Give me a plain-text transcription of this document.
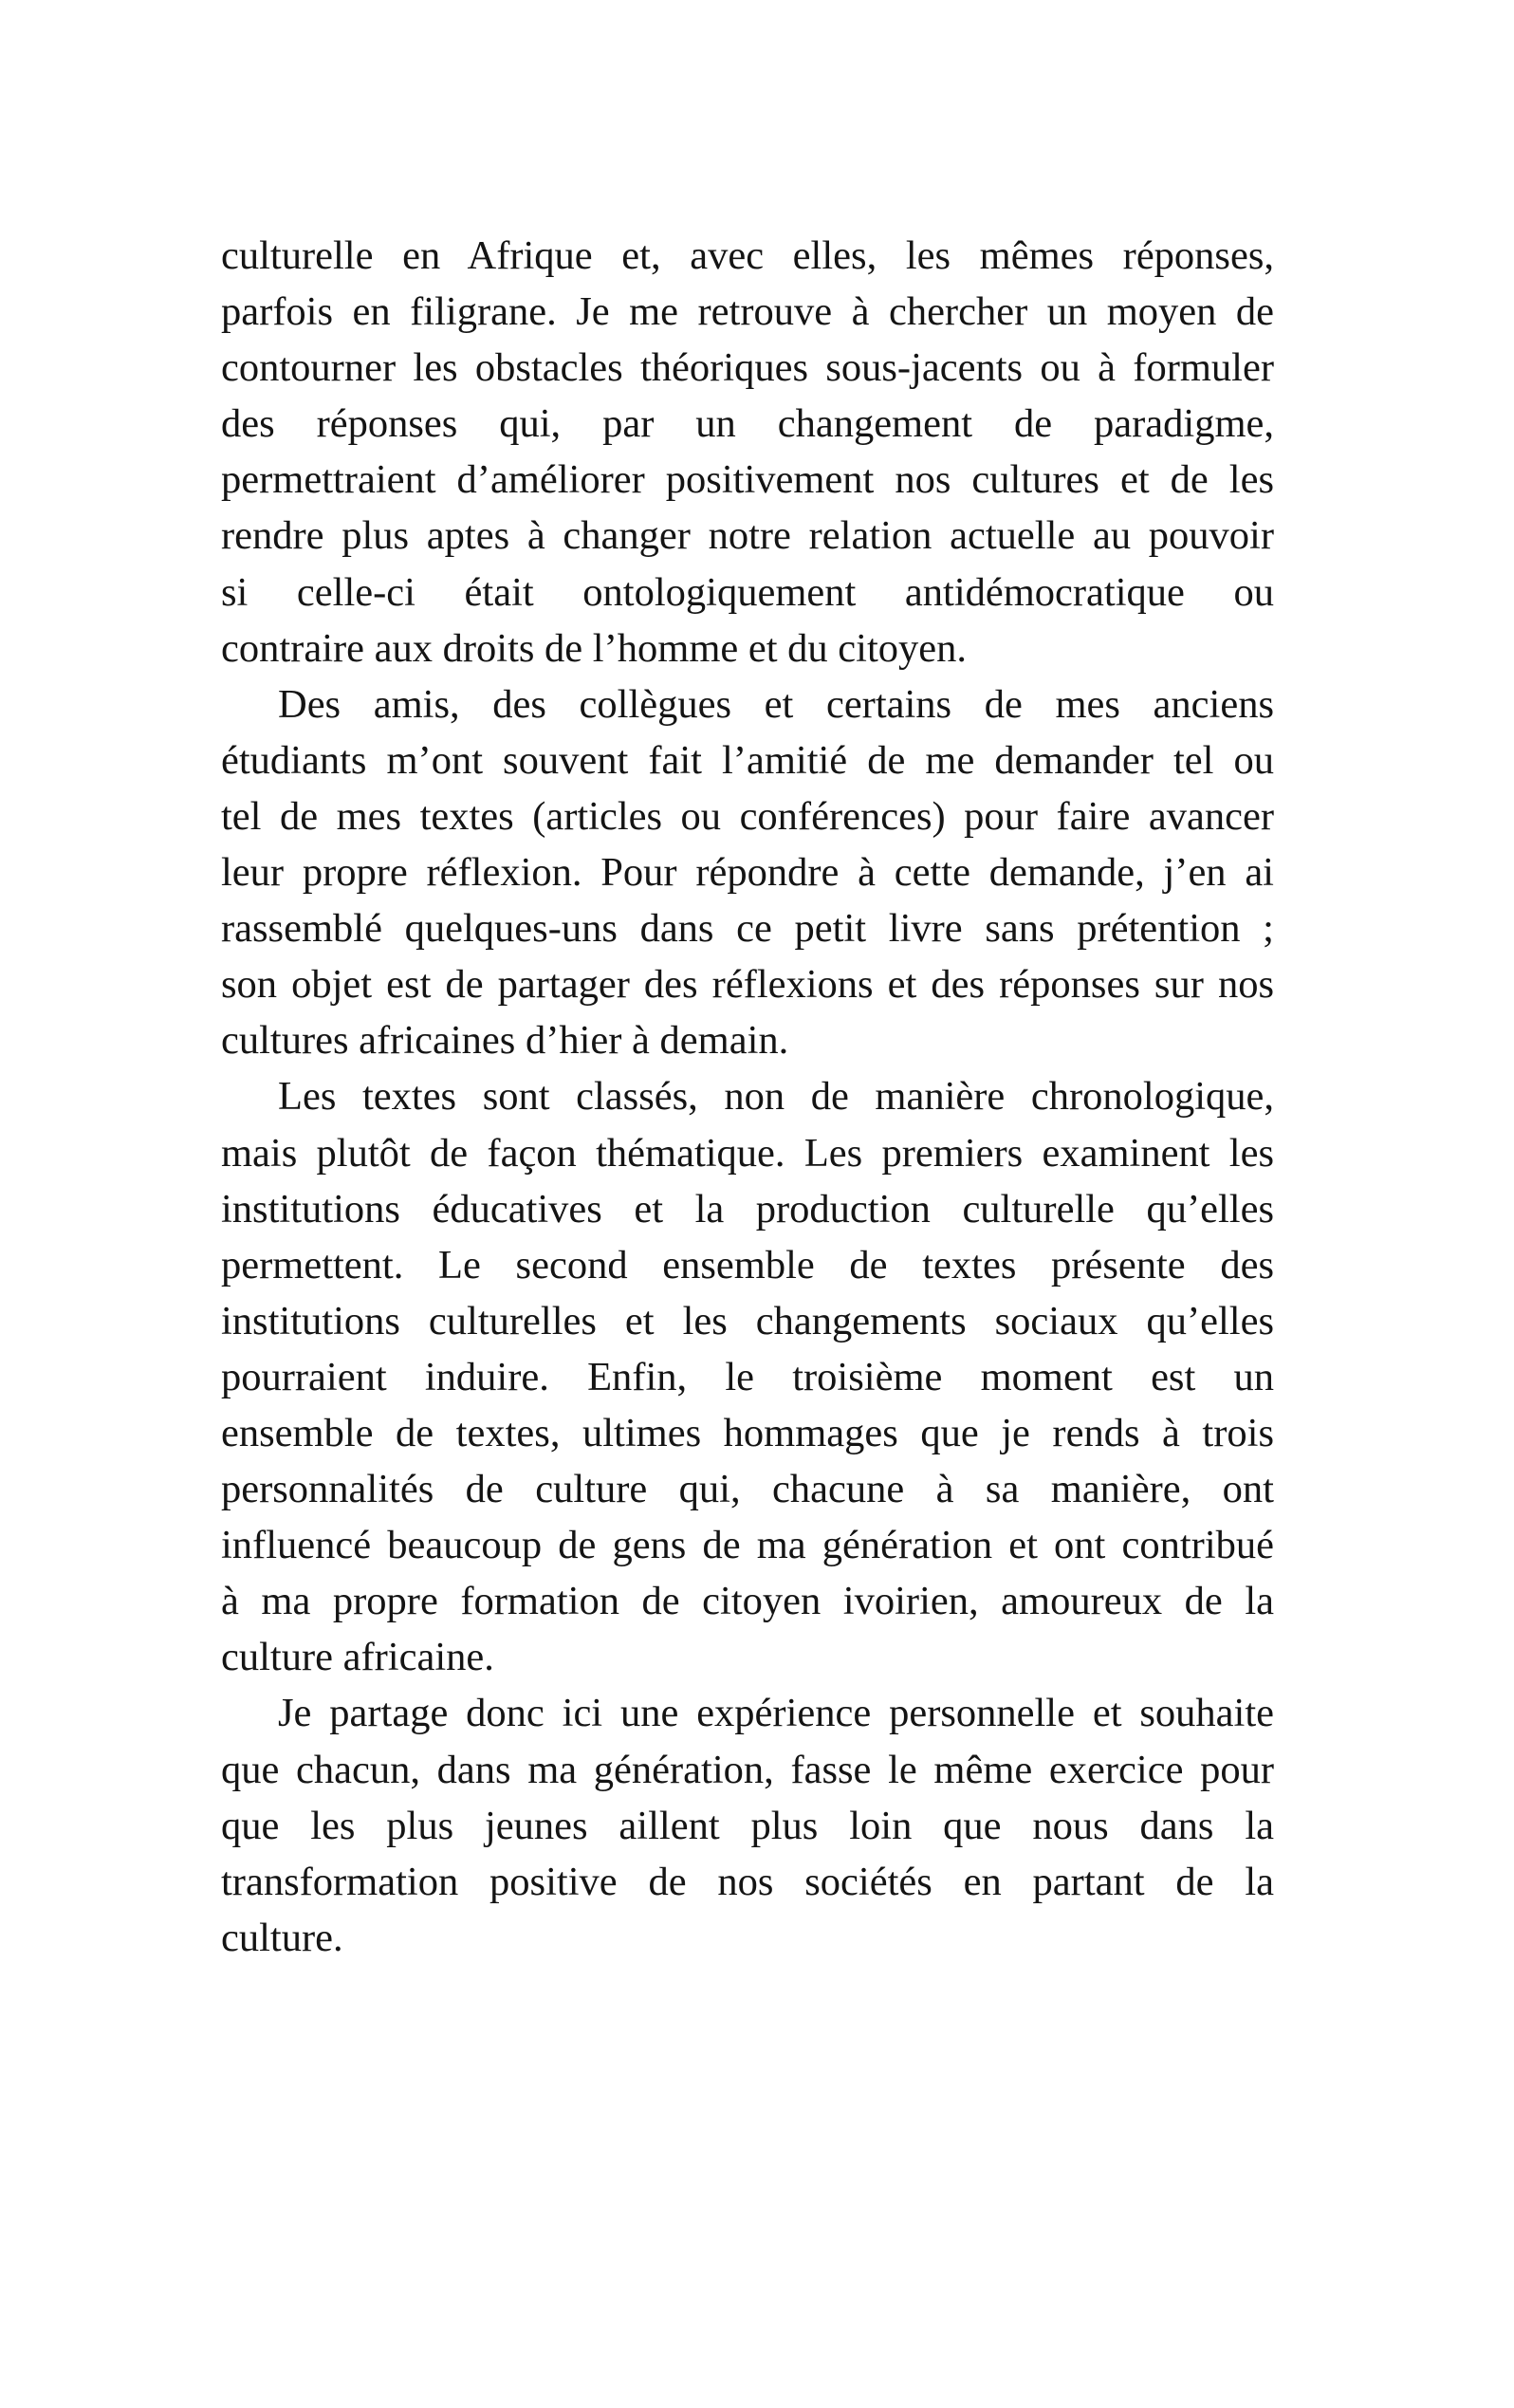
culturelle en Afrique et, avec elles, les mêmes réponses,
parfois en filigrane. Je me retrouve à chercher un moyen de
contourner les obstacles théoriques sous-jacents ou à formuler
des réponses qui, par un changement de paradigme,
permettraient d’améliorer positivement nos cultures et de les
rendre plus aptes à changer notre relation actuelle au pouvoir
si celle-ci était ontologiquement antidémocratique ou
contraire aux droits de l’homme et du citoyen.
Des amis, des collègues et certains de mes anciens
étudiants m’ont souvent fait l’amitié de me demander tel ou
tel de mes textes (articles ou conférences) pour faire avancer
leur propre réflexion. Pour répondre à cette demande, j’en ai
rassemblé quelques-uns dans ce petit livre sans prétention ;
son objet est de partager des réflexions et des réponses sur nos
cultures africaines d’hier à demain.
Les textes sont classés, non de manière chronologique,
mais plutôt de façon thématique. Les premiers examinent les
institutions éducatives et la production culturelle qu’elles
permettent. Le second ensemble de textes présente des
institutions culturelles et les changements sociaux qu’elles
pourraient induire. Enfin, le troisième moment est un
ensemble de textes, ultimes hommages que je rends à trois
personnalités de culture qui, chacune à sa manière, ont
influencé beaucoup de gens de ma génération et ont contribué
à ma propre formation de citoyen ivoirien, amoureux de la
culture africaine.
Je partage donc ici une expérience personnelle et souhaite
que chacun, dans ma génération, fasse le même exercice pour
que les plus jeunes aillent plus loin que nous dans la
transformation positive de nos sociétés en partant de la
culture.
